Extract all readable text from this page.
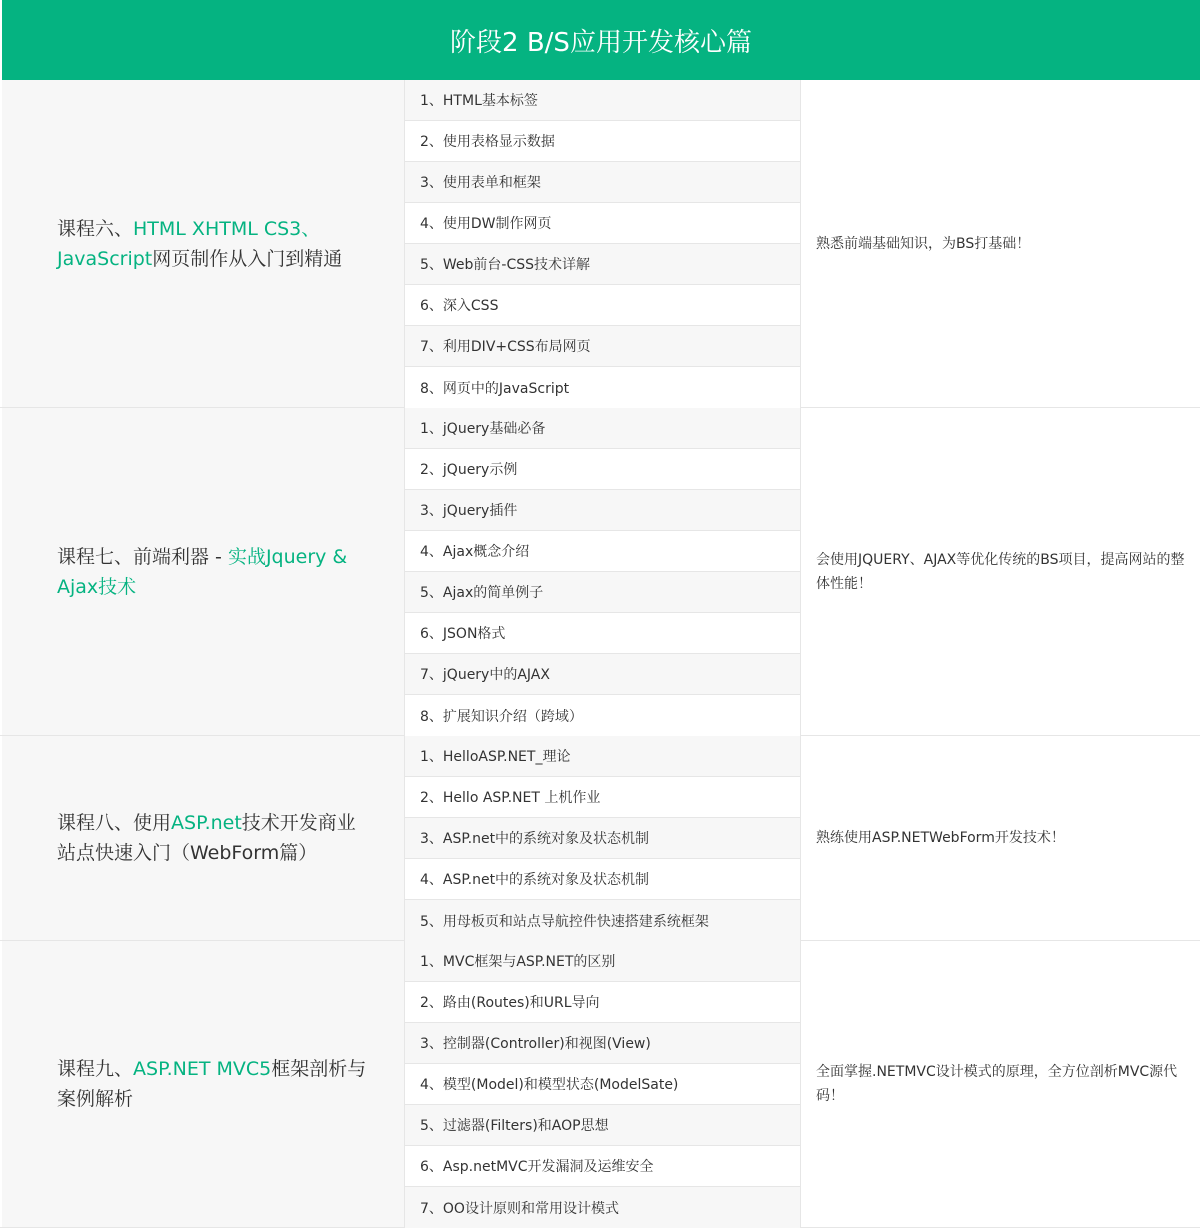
阶段2 B/S应用开发核心篇
课程六、HTML XHTML CS3、JavaScript网页制作从入门到精通
1、HTML基本标签
2、使用表格显示数据
3、使用表单和框架
4、使用DW制作网页
5、Web前台-CSS技术详解
6、深入CSS
7、利用DIV+CSS布局网页
8、网页中的JavaScript
熟悉前端基础知识，为BS打基础！
课程七、前端利器 - 实战Jquery & Ajax技术
1、jQuery基础必备
2、jQuery示例
3、jQuery插件
4、Ajax概念介绍
5、Ajax的简单例子
6、JSON格式
7、jQuery中的AJAX
8、扩展知识介绍（跨域）
会使用JQUERY、AJAX等优化传统的BS项目，提高网站的整体性能！
课程八、使用ASP.net技术开发商业站点快速入门（WebForm篇）
1、HelloASP.NET_理论
2、Hello ASP.NET 上机作业
3、ASP.net中的系统对象及状态机制
4、ASP.net中的系统对象及状态机制
5、用母板页和站点导航控件快速搭建系统框架
熟练使用ASP.NETWebForm开发技术！
课程九、ASP.NET MVC5框架剖析与案例解析
1、MVC框架与ASP.NET的区别
2、路由(Routes)和URL导向
3、控制器(Controller)和视图(View)
4、模型(Model)和模型状态(ModelSate)
5、过滤器(Filters)和AOP思想
6、Asp.netMVC开发漏洞及运维安全
7、OO设计原则和常用设计模式
全面掌握.NETMVC设计模式的原理，全方位剖析MVC源代码！
